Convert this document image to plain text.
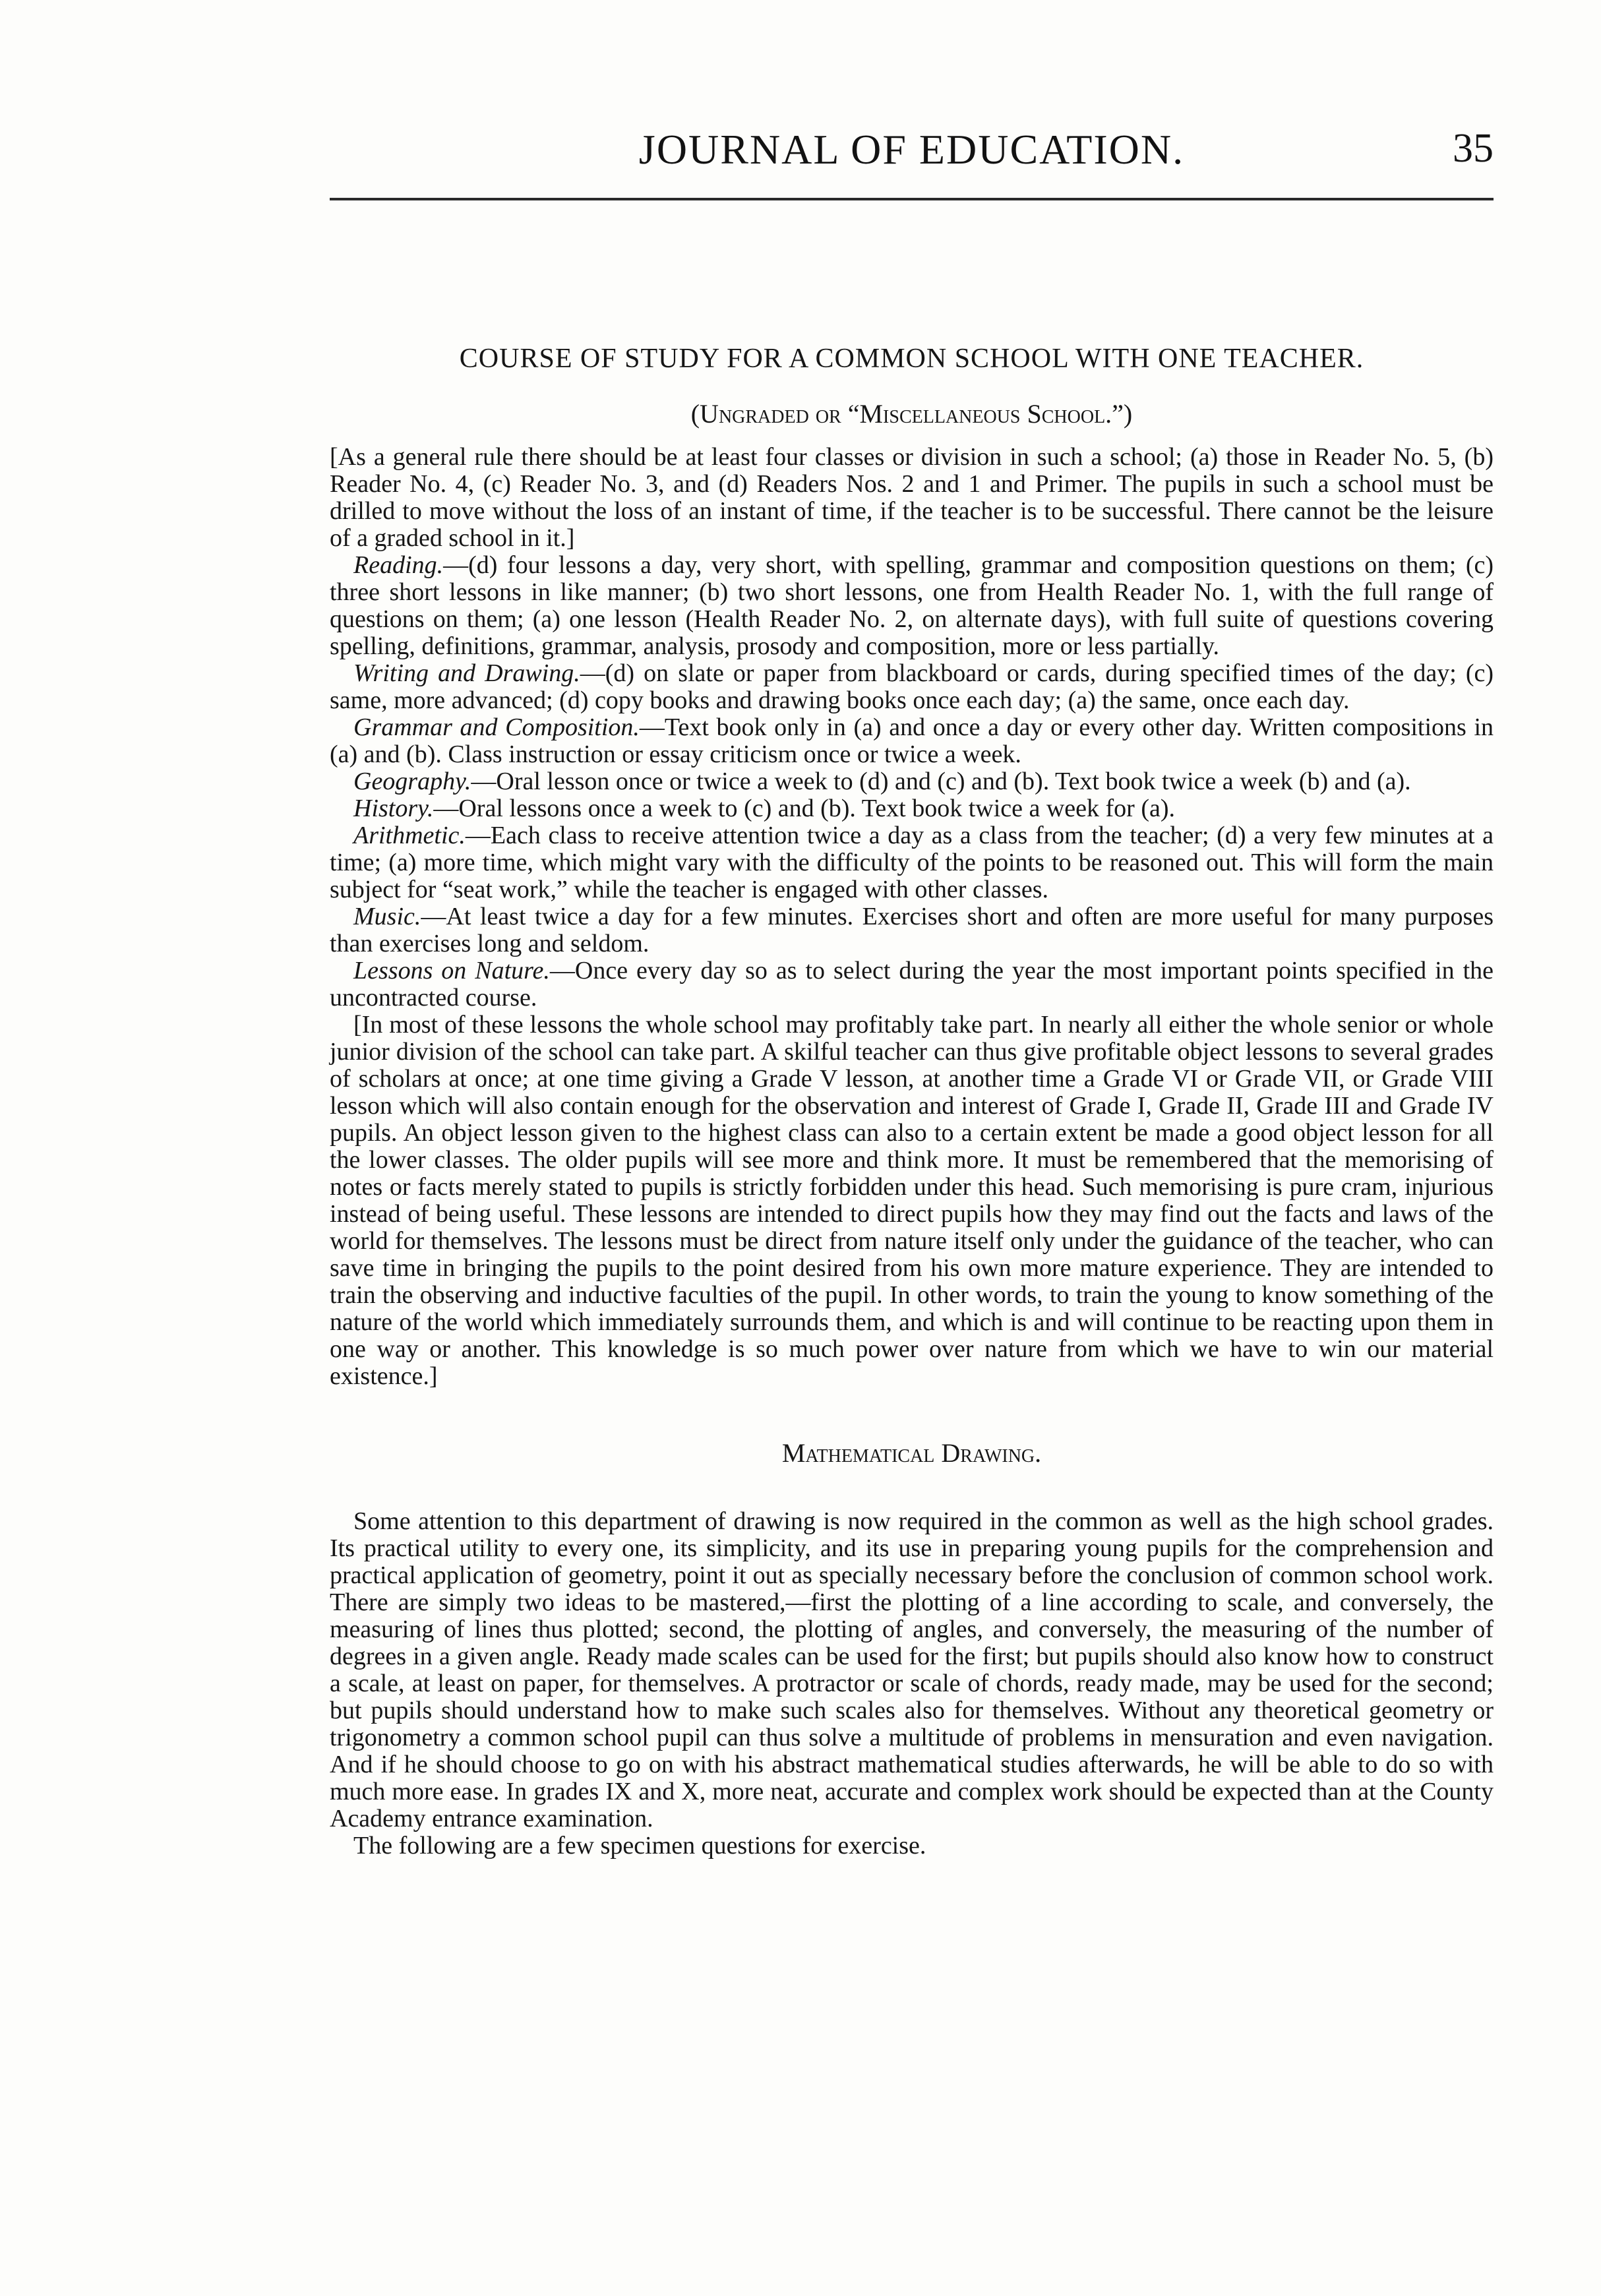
JOURNAL OF EDUCATION.	35
COURSE OF STUDY FOR A COMMON SCHOOL WITH ONE TEACHER.
(Ungraded or “Miscellaneous School.”)

[As a general rule there should be at least four classes or division in such a school; (a) those in Reader No. 5, (b) Reader No. 4, (c) Reader No. 3, and (d) Readers Nos. 2 and 1 and Primer. The pupils in such a school must be drilled to move without the loss of an instant of time, if the teacher is to be successful. There cannot be the leisure of a graded school in it.]

Reading.—(d) four lessons a day, very short, with spelling, grammar and composition questions on them; (c) three short lessons in like manner; (b) two short lessons, one from Health Reader No. 1, with the full range of questions on them; (a) one lesson (Health Reader No. 2, on alternate days), with full suite of questions covering spelling, definitions, grammar, analysis, prosody and composition, more or less partially.

Writing and Drawing.—(d) on slate or paper from blackboard or cards, during specified times of the day; (c) same, more advanced; (d) copy books and drawing books once each day; (a) the same, once each day.

Grammar and Composition.—Text book only in (a) and once a day or every other day. Written compositions in (a) and (b). Class instruction or essay criticism once or twice a week.

Geography.—Oral lesson once or twice a week to (d) and (c) and (b). Text book twice a week (b) and (a).

History.—Oral lessons once a week to (c) and (b). Text book twice a week for (a).

Arithmetic.—Each class to receive attention twice a day as a class from the teacher; (d) a very few minutes at a time; (a) more time, which might vary with the difficulty of the points to be reasoned out. This will form the main subject for “seat work,” while the teacher is engaged with other classes.

Music.—At least twice a day for a few minutes. Exercises short and often are more useful for many purposes than exercises long and seldom.

Lessons on Nature.—Once every day so as to select during the year the most important points specified in the uncontracted course.

[In most of these lessons the whole school may profitably take part. In nearly all either the whole senior or whole junior division of the school can take part. A skilful teacher can thus give profitable object lessons to several grades of scholars at once; at one time giving a Grade V lesson, at another time a Grade VI or Grade VII, or Grade VIII lesson which will also contain enough for the observation and interest of Grade I, Grade II, Grade III and Grade IV pupils. An object lesson given to the highest class can also to a certain extent be made a good object lesson for all the lower classes. The older pupils will see more and think more. It must be remembered that the memorising of notes or facts merely stated to pupils is strictly forbidden under this head. Such memorising is pure cram, injurious instead of being useful. These lessons are intended to direct pupils how they may find out the facts and laws of the world for themselves. The lessons must be direct from nature itself only under the guidance of the teacher, who can save time in bringing the pupils to the point desired from his own more mature experience. They are intended to train the observing and inductive faculties of the pupil. In other words, to train the young to know something of the nature of the world which immediately surrounds them, and which is and will continue to be reacting upon them in one way or another. This knowledge is so much power over nature from which we have to win our material existence.]

Mathematical Drawing.

Some attention to this department of drawing is now required in the common as well as the high school grades. Its practical utility to every one, its simplicity, and its use in preparing young pupils for the comprehension and practical application of geometry, point it out as specially necessary before the conclusion of common school work. There are simply two ideas to be mastered,—first the plotting of a line according to scale, and conversely, the measuring of lines thus plotted; second, the plotting of angles, and conversely, the measuring of the number of degrees in a given angle. Ready made scales can be used for the first; but pupils should also know how to construct a scale, at least on paper, for themselves. A protractor or scale of chords, ready made, may be used for the second; but pupils should understand how to make such scales also for themselves. Without any theoretical geometry or trigonometry a common school pupil can thus solve a multitude of problems in mensuration and even navigation. And if he should choose to go on with his abstract mathematical studies afterwards, he will be able to do so with much more ease. In grades IX and X, more neat, accurate and complex work should be expected than at the County Academy entrance examination.

The following are a few specimen questions for exercise.
